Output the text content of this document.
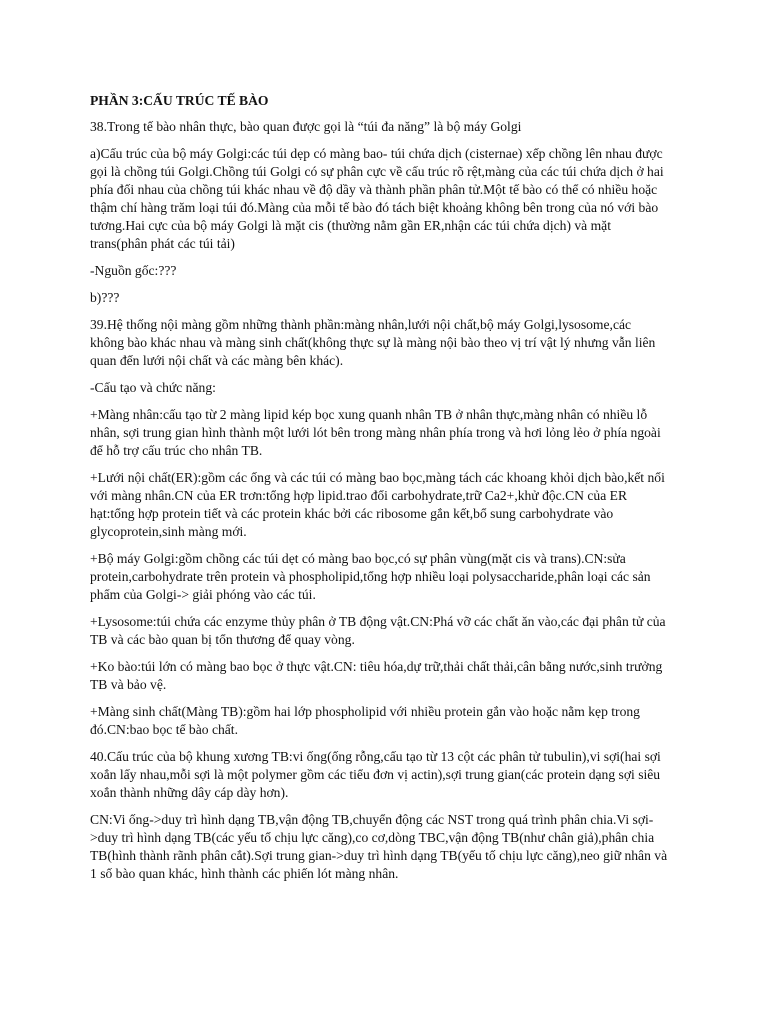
PHẦN 3:CẤU TRÚC TẾ BÀO
38.Trong tế bào nhân thực, bào quan được gọi là “túi đa năng” là bộ máy Golgi
a)Cấu trúc của bộ máy Golgi:các túi dẹp có màng bao- túi chứa dịch (cisternae) xếp chồng lên nhau được
gọi là chồng túi Golgi.Chồng túi Golgi có sự phân cực về cấu trúc rõ rệt,màng của các túi chứa dịch ở hai
phía đối nhau của chồng túi khác nhau về độ dầy và thành phần phân tử.Một tế bào có thể có nhiều hoặc
thậm chí hàng trăm loại túi đó.Màng của mỗi tế bào đó tách biệt khoảng không bên trong của nó với bào
tương.Hai cực của bộ máy Golgi là mặt cis (thường nằm gần ER,nhận các túi chứa dịch) và mặt
trans(phân phát các túi tải)
-Nguồn gốc:???
b)???
39.Hệ thống nội màng gồm những thành phần:màng nhân,lưới nội chất,bộ máy Golgi,lysosome,các
không bào khác nhau và màng sinh chất(không thực sự là màng nội bào theo vị trí vật lý nhưng vẫn liên
quan đến lưới nội chất và các màng bên khác).
-Cấu tạo và chức năng:
+Màng nhân:cấu tạo từ 2 màng lipid kép bọc xung quanh nhân TB ở nhân thực,màng nhân có nhiều lỗ
nhân, sợi trung gian hình thành một lưới lót bên trong màng nhân phía trong và hơi lỏng lẻo ở phía ngoài
để hỗ trợ cấu trúc cho nhân TB.
+Lưới nội chất(ER):gồm các ống và các túi có màng bao bọc,màng tách các khoang khỏi dịch bào,kết nối
với màng nhân.CN của ER trơn:tổng hợp lipid.trao đổi carbohydrate,trữ Ca2+,khử độc.CN của ER
hạt:tổng hợp protein tiết và các protein khác bởi các ribosome gắn kết,bổ sung carbohydrate vào
glycoprotein,sinh màng mới.
+Bộ máy Golgi:gồm chồng các túi dẹt có màng bao bọc,có sự phân vùng(mặt cis và trans).CN:sửa
protein,carbohydrate trên protein và phospholipid,tổng hợp nhiều loại polysaccharide,phân loại các sản
phẩm của Golgi-> giải phóng vào các túi.
+Lysosome:túi chứa các enzyme thủy phân ở TB động vật.CN:Phá vỡ các chất ăn vào,các đại phân tử của
TB và các bào quan bị tổn thương để quay vòng.
+Ko bào:túi lớn có màng bao bọc ở thực vật.CN: tiêu hóa,dự trữ,thải chất thải,cân bằng nước,sinh trưởng
TB và bảo vệ.
+Màng sinh chất(Màng TB):gồm hai lớp phospholipid với nhiều protein gắn vào hoặc nằm kẹp trong
đó.CN:bao bọc tế bào chất.
40.Cấu trúc của bộ khung xương TB:vi ống(ống rỗng,cấu tạo từ 13 cột các phân tử tubulin),vi sợi(hai sợi
xoắn lấy nhau,mỗi sợi là một polymer gồm các tiểu đơn vị actin),sợi trung gian(các protein dạng sợi siêu
xoắn thành những dây cáp dày hơn).
CN:Vi ống->duy trì hình dạng TB,vận động TB,chuyển động các NST trong quá trình phân chia.Vi sợi-
>duy trì hình dạng TB(các yếu tố chịu lực căng),co cơ,dòng TBC,vận động TB(như chân giả),phân chia
TB(hình thành rãnh phân cắt).Sợi trung gian->duy trì hình dạng TB(yếu tố chịu lực căng),neo giữ nhân và
1 số bào quan khác, hình thành các phiến lót màng nhân.
